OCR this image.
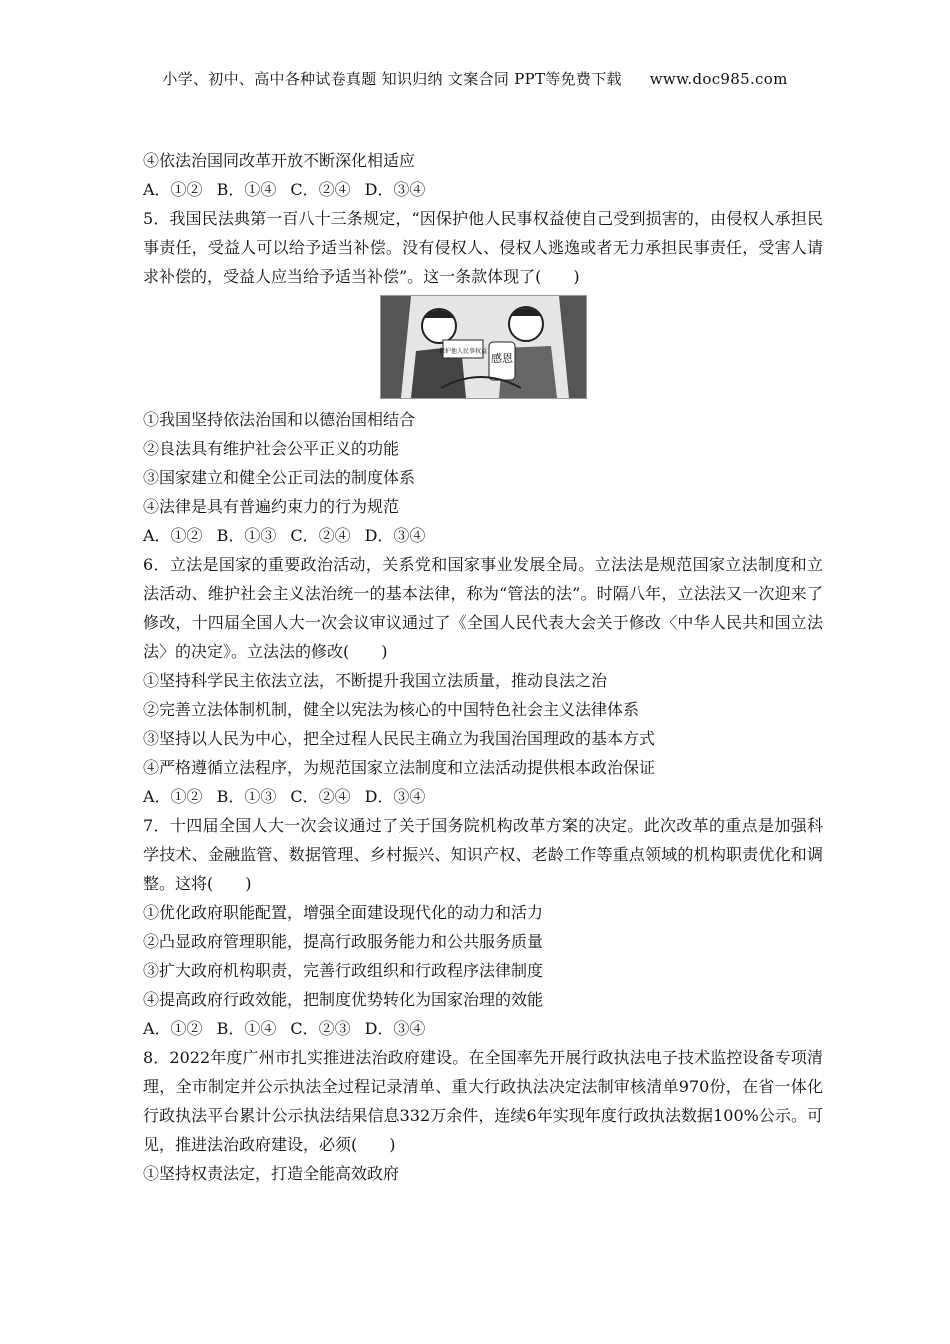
小学、初中、高中各种试卷真题 知识归纳 文案合同 PPT等免费下载 www.doc985.com
④依法治国同改革开放不断深化相适应
A．①② B．①④ C．②④ D．③④
5．我国民法典第一百八十三条规定，“因保护他人民事权益使自己受到损害的，由侵权人承担民事责任，受益人可以给予适当补偿。没有侵权人、侵权人逃逸或者无力承担民事责任，受害人请求补偿的，受益人应当给予适当补偿”。这一条款体现了(　　)
保护他人民事权益
感恩
①我国坚持依法治国和以德治国相结合
②良法具有维护社会公平正义的功能
③国家建立和健全公正司法的制度体系
④法律是具有普遍约束力的行为规范
A．①② B．①③ C．②④ D．③④
6．立法是国家的重要政治活动，关系党和国家事业发展全局。立法法是规范国家立法制度和立法活动、维护社会主义法治统一的基本法律，称为“管法的法”。时隔八年，立法法又一次迎来了修改，十四届全国人大一次会议审议通过了《全国人民代表大会关于修改〈中华人民共和国立法法〉的决定》。立法法的修改(　　)
①坚持科学民主依法立法，不断提升我国立法质量，推动良法之治
②完善立法体制机制，健全以宪法为核心的中国特色社会主义法律体系
③坚持以人民为中心，把全过程人民民主确立为我国治国理政的基本方式
④严格遵循立法程序，为规范国家立法制度和立法活动提供根本政治保证
A．①② B．①③ C．②④ D．③④
7．十四届全国人大一次会议通过了关于国务院机构改革方案的决定。此次改革的重点是加强科学技术、金融监管、数据管理、乡村振兴、知识产权、老龄工作等重点领域的机构职责优化和调整。这将(　　)
①优化政府职能配置，增强全面建设现代化的动力和活力
②凸显政府管理职能，提高行政服务能力和公共服务质量
③扩大政府机构职责，完善行政组织和行政程序法律制度
④提高政府行政效能，把制度优势转化为国家治理的效能
A．①② B．①④ C．②③ D．③④
8．2022年度广州市扎实推进法治政府建设。在全国率先开展行政执法电子技术监控设备专项清理，全市制定并公示执法全过程记录清单、重大行政执法决定法制审核清单970份，在省一体化行政执法平台累计公示执法结果信息332万余件，连续6年实现年度行政执法数据100%公示。可见，推进法治政府建设，必须(　　)
①坚持权责法定，打造全能高效政府
